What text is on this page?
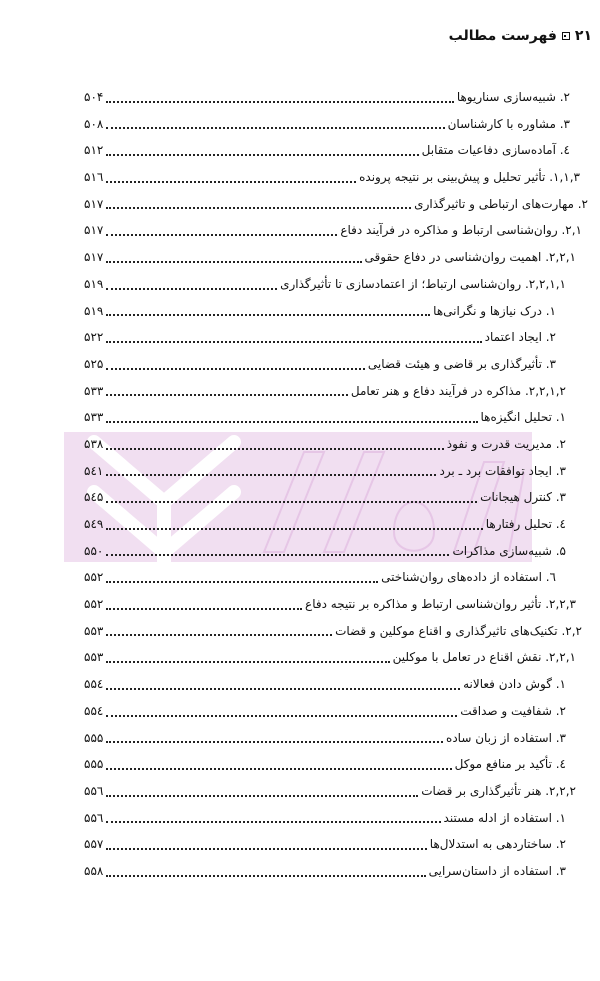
فهرست مطالب ۲۱
۵۰۴	۲. شبیه‌سازی سناریوها
۵۰۸	۳. مشاوره با کارشناسان
۵۱۲	٤. آماده‌سازی دفاعیات متقابل
۵۱٦	۱,۱,۳. تأثیر تحلیل و پیش‌بینی بر نتیجه پرونده
۵۱۷	۲. مهارت‌های ارتباطی و تاثیرگذاری
۵۱۷	۲,۱. روان‌شناسی ارتباط و مذاکره در فرآیند دفاع
۵۱۷	۲,۲,۱. اهمیت روان‌شناسی در دفاع حقوقی
۵۱۹	۲,۲,۱,۱. روان‌شناسی ارتباط؛ از اعتمادسازی تا تأثیرگذاری
۵۱۹	۱. درک نیازها و نگرانی‌ها
۵۲۲	۲. ایجاد اعتماد
۵۲۵	۳. تأثیرگذاری بر قاضی و هیئت قضایی
۵۳۳	۲,۲,۱,۲. مذاکره در فرآیند دفاع و هنر تعامل
۵۳۳	۱. تحلیل انگیزه‌ها
۵۳۸	۲. مدیریت قدرت و نفوذ
۵٤۱	۳. ایجاد توافقات برد ـ برد
۵٤۵	۳. کنترل هیجانات
۵٤۹	٤. تحلیل رفتارها
۵۵۰	۵. شبیه‌سازی مذاکرات
۵۵۲	٦. استفاده از داده‌های روان‌شناختی
۵۵۲	۲,۲,۳. تأثیر روان‌شناسی ارتباط و مذاکره بر نتیجه دفاع
۵۵۳	۲,۲. تکنیک‌های تاثیرگذاری و اقناع موکلین و قضات
۵۵۳	۲,۲,۱. نقش اقناع در تعامل با موکلین
۵۵٤	۱. گوش دادن فعالانه
۵۵٤	۲. شفافیت و صداقت
۵۵۵	۳. استفاده از زبان ساده
۵۵۵	٤. تأکید بر منافع موکل
۵۵٦	۲,۲,۲. هنر تأثیرگذاری بر قضات
۵۵٦	۱. استفاده از ادله مستند
۵۵۷	۲. ساختاردهی به استدلال‌ها
۵۵۸	۳. استفاده از داستان‌سرایی
